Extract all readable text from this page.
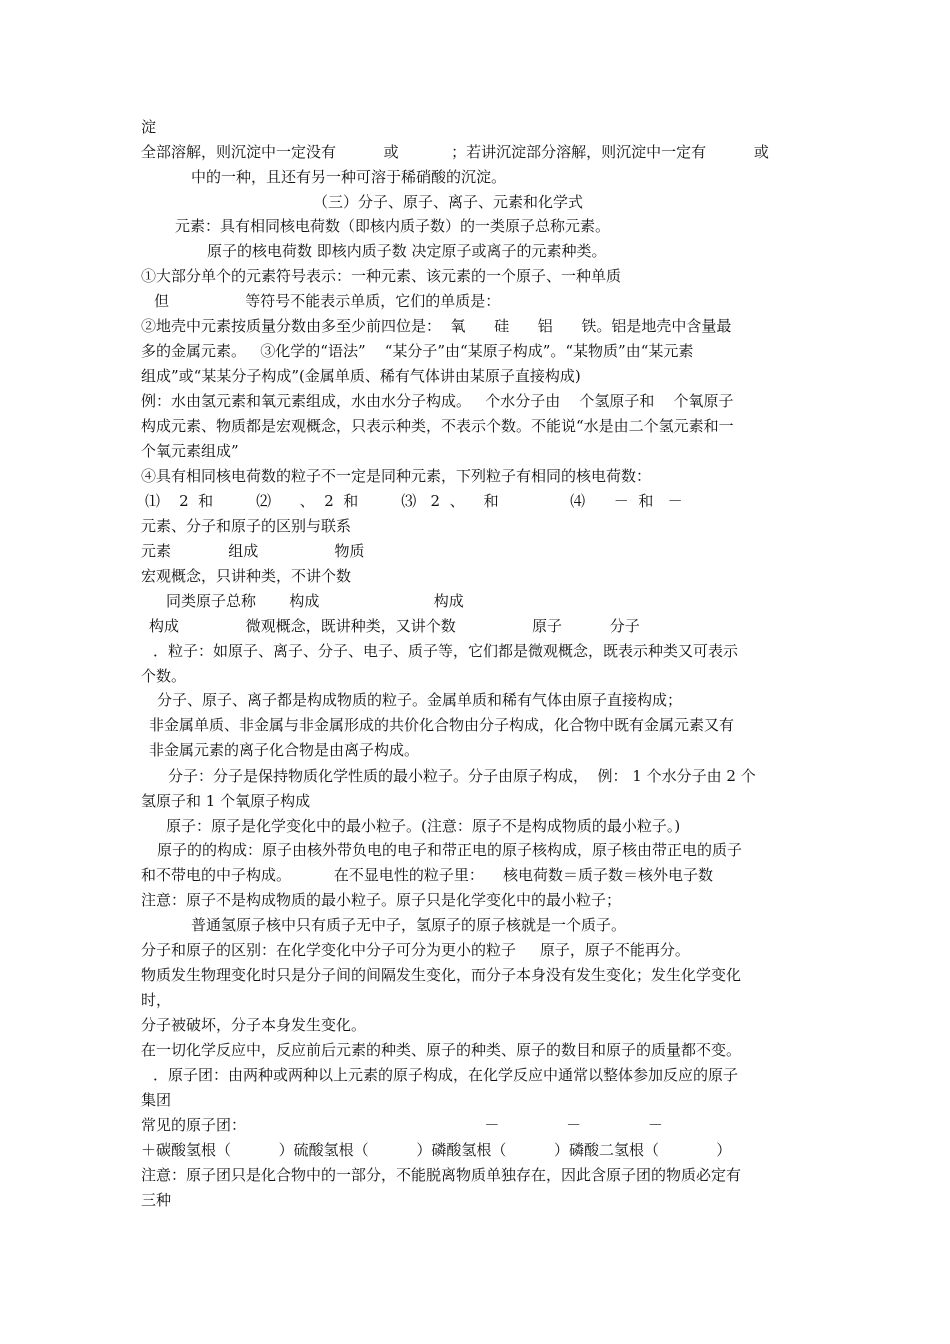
淀
全部溶解，则沉淀中一定没有          或           ；若讲沉淀部分溶解，则沉淀中一定有          或
中的一种，且还有另一种可溶于稀硝酸的沉淀。
（三）分子、原子、离子、元素和化学式
元素：具有相同核电荷数（即核内质子数）的一类原子总称元素。
原子的核电荷数 即核内质子数 决定原子或离子的元素种类。
①大部分单个的元素符号表示：一种元素、该元素的一个原子、一种单质
但                等符号不能表示单质，它们的单质是：
②地壳中元素按质量分数由多至少前四位是：  氧      硅      铝      铁。铝是地壳中含量最
多的金属元素。   ③化学的“语法”    “某分子”由“某原子构成”。“某物质”由“某元素
组成”或“某某分子构成”(金属单质、稀有气体讲由某原子直接构成)
例：水由氢元素和氧元素组成，水由水分子构成。   个水分子由    个氢原子和    个氧原子
构成元素、物质都是宏观概念，只表示种类，不表示个数。不能说“水是由二个氢元素和一
个氧元素组成”
④具有相同核电荷数的粒子不一定是同种元素，下列粒子有相同的核电荷数：
⑴    2  和         ⑵      、  2  和         ⑶   2  、    和               ⑷      －  和   －
元素、分子和原子的区别与联系
元素            组成                物质
宏观概念，只讲种类，不讲个数
同类原子总称       构成                        构成
构成              微观概念，既讲种类，又讲个数                原子          分子
．粒子：如原子、离子、分子、电子、质子等，它们都是微观概念，既表示种类又可表示
个数。
分子、原子、离子都是构成物质的粒子。金属单质和稀有气体由原子直接构成；
非金属单质、非金属与非金属形成的共价化合物由分子构成，化合物中既有金属元素又有
非金属元素的离子化合物是由离子构成。
分子：分子是保持物质化学性质的最小粒子。分子由原子构成，  例： 1 个水分子由 2 个
氢原子和 1 个氧原子构成
原子：原子是化学变化中的最小粒子。(注意：原子不是构成物质的最小粒子。)
原子的的构成：原子由核外带负电的电子和带正电的原子核构成，原子核由带正电的质子
和不带电的中子构成。         在不显电性的粒子里：    核电荷数＝质子数＝核外电子数
注意：原子不是构成物质的最小粒子。原子只是化学变化中的最小粒子；
普通氢原子核中只有质子无中子，氢原子的原子核就是一个质子。
分子和原子的区别：在化学变化中分子可分为更小的粒子     原子，原子不能再分。
物质发生物理变化时只是分子间的间隔发生变化，而分子本身没有发生变化；发生化学变化
时，
分子被破坏，分子本身发生变化。
在一切化学反应中，反应前后元素的种类、原子的种类、原子的数目和原子的质量都不变。
．原子团：由两种或两种以上元素的原子构成，在化学反应中通常以整体参加反应的原子
集团
常见的原子团：                                                  －              －              －
＋碳酸氢根（          ）硫酸氢根（          ）磷酸氢根（          ）磷酸二氢根（            ）
注意：原子团只是化合物中的一部分，不能脱离物质单独存在，因此含原子团的物质必定有
三种
